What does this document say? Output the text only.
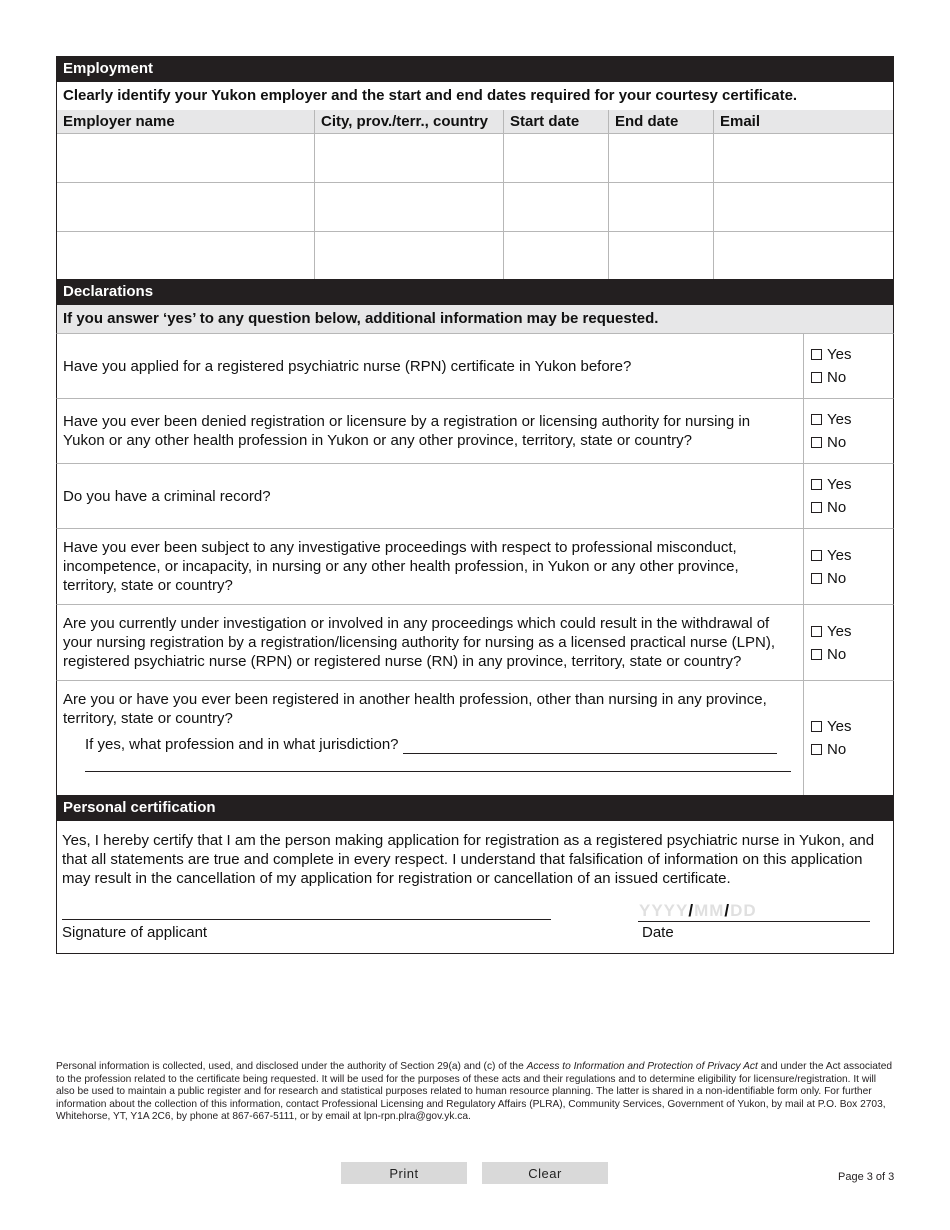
Employment
Clearly identify your Yukon employer and the start and end dates required for your courtesy certificate.
Employer name	City, prov./terr., country	Start date	End date	Email
Declarations
If you answer ‘yes’ to any question below, additional information may be requested.
Have you applied for a registered psychiatric nurse (RPN) certificate in Yukon before?
Yes
No
Have you ever been denied registration or licensure by a registration or licensing authority for nursing in Yukon or any other health profession in Yukon or any other province, territory, state or country?
Yes
No
Do you have a criminal record?
Yes
No
Have you ever been subject to any investigative proceedings with respect to professional misconduct, incompetence, or incapacity, in nursing or any other health profession, in Yukon or any other province, territory, state or country?
Yes
No
Are you currently under investigation or involved in any proceedings which could result in the withdrawal of your nursing registration by a registration/licensing authority for nursing as a licensed practical nurse (LPN), registered psychiatric nurse (RPN) or registered nurse (RN) in any province, territory, state or country?
Yes
No
Are you or have you ever been registered in another health profession, other than nursing in any province, territory, state or country?
If yes, what profession and in what jurisdiction?
Yes
No
Personal certification
Yes, I hereby certify that I am the person making application for registration as a registered psychiatric nurse in Yukon, and that all statements are true and complete in every respect. I understand that falsification of information on this application may result in the cancellation of my application for registration or cancellation of an issued certificate.
Signature of applicant
YYYY/MM/DD
Date
Personal information is collected, used, and disclosed under the authority of Section 29(a) and (c) of the Access to Information and Protection of Privacy Act and under the Act associated to the profession related to the certificate being requested. It will be used for the purposes of these acts and their regulations and to determine eligibility for licensure/registration. It will also be used to maintain a public register and for research and statistical purposes related to human resource planning. The latter is shared in a non-identifiable form only. For further information about the collection of this information, contact Professional Licensing and Regulatory Affairs (PLRA), Community Services, Government of Yukon, by mail at P.O. Box 2703, Whitehorse, YT, Y1A 2C6, by phone at 867-667-5111, or by email at lpn-rpn.plra@gov.yk.ca.
Print	Clear	Page 3 of 3
